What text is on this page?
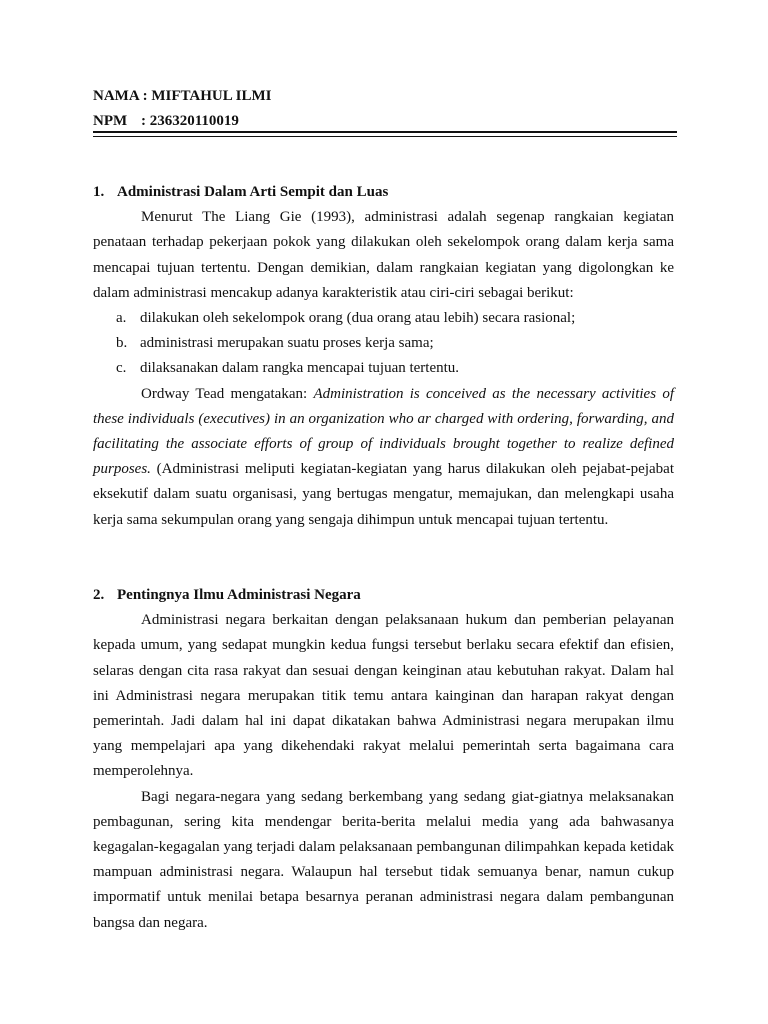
NAMA : MIFTAHUL ILMI

NPM : 236320110019

1. Administrasi Dalam Arti Sempit dan Luas

Menurut The Liang Gie (1993), administrasi adalah segenap rangkaian kegiatan penataan terhadap pekerjaan pokok yang dilakukan oleh sekelompok orang dalam kerja sama mencapai tujuan tertentu. Dengan demikian, dalam rangkaian kegiatan yang digolongkan ke dalam administrasi mencakup adanya karakteristik atau ciri-ciri sebagai berikut:

a. dilakukan oleh sekelompok orang (dua orang atau lebih) secara rasional;
b. administrasi merupakan suatu proses kerja sama;
c. dilaksanakan dalam rangka mencapai tujuan tertentu.

Ordway Tead mengatakan: Administration is conceived as the necessary activities of these individuals (executives) in an organization who ar charged with ordering, forwarding, and facilitating the associate efforts of group of individuals brought together to realize defined purposes. (Administrasi meliputi kegiatan-kegiatan yang harus dilakukan oleh pejabat-pejabat eksekutif dalam suatu organisasi, yang bertugas mengatur, memajukan, dan melengkapi usaha kerja sama sekumpulan orang yang sengaja dihimpun untuk mencapai tujuan tertentu.

2. Pentingnya Ilmu Administrasi Negara

Administrasi negara berkaitan dengan pelaksanaan hukum dan pemberian pelayanan kepada umum, yang sedapat mungkin kedua fungsi tersebut berlaku secara efektif dan efisien, selaras dengan cita rasa rakyat dan sesuai dengan keinginan atau kebutuhan rakyat. Dalam hal ini Administrasi negara merupakan titik temu antara kainginan dan harapan rakyat dengan pemerintah. Jadi dalam hal ini dapat dikatakan bahwa Administrasi negara merupakan ilmu yang mempelajari apa yang dikehendaki rakyat melalui pemerintah serta bagaimana cara memperolehnya.

Bagi negara-negara yang sedang berkembang yang sedang giat-giatnya melaksanakan pembagunan, sering kita mendengar berita-berita melalui media yang ada bahwasanya kegagalan-kegagalan yang terjadi dalam pelaksanaan pembangunan dilimpahkan kepada ketidak mampuan administrasi negara. Walaupun hal tersebut tidak semuanya benar, namun cukup impormatif untuk menilai betapa besarnya peranan administrasi negara dalam pembangunan bangsa dan negara.
